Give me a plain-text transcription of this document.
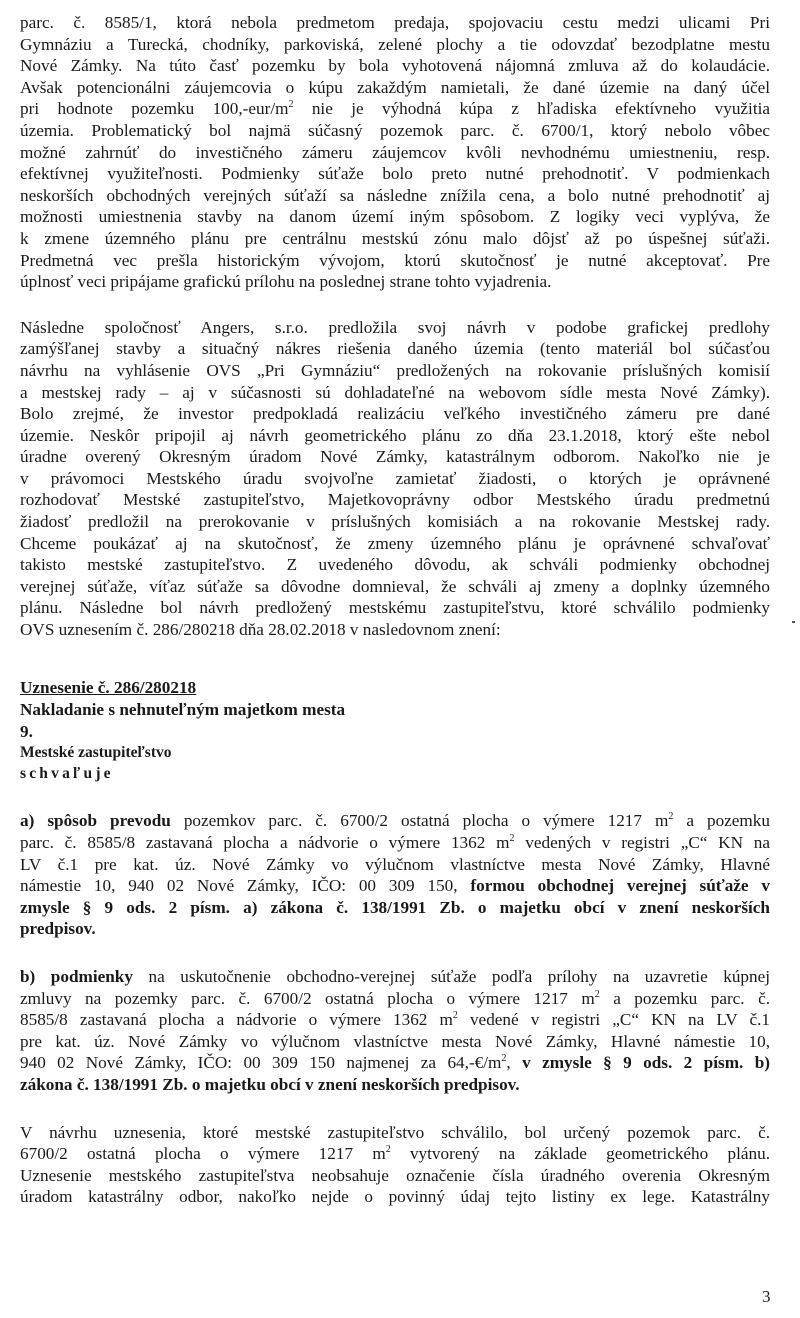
parc. č. 8585/1, ktorá nebola predmetom predaja, spojovaciu cestu medzi ulicami Pri
Gymnáziu a Turecká, chodníky, parkoviská, zelené plochy a tie odovzdať bezodplatne mestu
Nové Zámky. Na túto časť pozemku by bola vyhotovená nájomná zmluva až do kolaudácie.
Avšak potencionálni záujemcovia o kúpu zakaždým namietali, že dané územie na daný účel
pri hodnote pozemku $100,-eur/m^2$ nie je výhodná kúpa z hľadiska efektívneho využitia
územia. Problematický bol najmä súčasný pozemok parc. č. 6700/1, ktorý nebolo vôbec
možné zahrnúť do investičného zámeru záujemcov kvôli nevhodnému umiestneniu, resp.
efektívnej využiteľnosti. Podmienky súťaže bolo preto nutné prehodnotiť. V podmienkach
neskorších obchodných verejných súťaží sa následne znížila cena, a bolo nutné prehodnotiť aj
možnosti umiestnenia stavby na danom území iným spôsobom. Z logiky veci vyplýva, že
k zmene územného plánu pre centrálnu mestskú zónu malo dôjsť až po úspešnej súťaži.
Predmetná vec prešla historickým vývojom, ktorú skutočnosť je nutné akceptovať. Pre
úplnosť veci pripájame grafickú prílohu na poslednej strane tohto vyjadrenia.

Následne spoločnosť Angers, s.r.o. predložila svoj návrh v podobe grafickej predlohy
zamýšľanej stavby a situačný nákres riešenia daného územia (tento materiál bol súčasťou
návrhu na vyhlásenie OVS „Pri Gymnáziu“ predložených na rokovanie príslušných komisií
a mestskej rady – aj v súčasnosti sú dohladateľné na webovom sídle mesta Nové Zámky).
Bolo zrejmé, že investor predpokladá realizáciu veľkého investičného zámeru pre dané
územie. Neskôr pripojil aj návrh geometrického plánu zo dňa 23.1.2018, ktorý ešte nebol
úradne overený Okresným úradom Nové Zámky, katastrálnym odborom. Nakoľko nie je
v právomoci Mestského úradu svojvoľne zamietať žiadosti, o ktorých je oprávnené
rozhodovať Mestské zastupiteľstvo, Majetkovoprávny odbor Mestského úradu predmetnú
žiadosť predložil na prerokovanie v príslušných komisiách a na rokovanie Mestskej rady.
Chceme poukázať aj na skutočnosť, že zmeny územného plánu je oprávnené schvaľovať
takisto mestské zastupiteľstvo. Z uvedeného dôvodu, ak schváli podmienky obchodnej
verejnej súťaže, víťaz súťaže sa dôvodne domnieval, že schváli aj zmeny a doplnky územného
plánu. Následne bol návrh predložený mestskému zastupiteľstvu, ktoré schválilo podmienky
OVS uznesením č. 286/280218 dňa 28.02.2018 v nasledovnom znení:

Uznesenie č. 286/280218
Nakladanie s nehnuteľným majetkom mesta
9.
Mestské zastupiteľstvo
schvaľuje

a) spôsob prevodu pozemkov parc. č. 6700/2 ostatná plocha o výmere 1217 $m^2$ a pozemku
parc. č. 8585/8 zastavaná plocha a nádvorie o výmere 1362 $m^2$ vedených v registri „C“ KN na
LV č.1 pre kat. úz. Nové Zámky vo výlučnom vlastníctve mesta Nové Zámky, Hlavné
námestie 10, 940 02 Nové Zámky, IČO: 00 309 150, formou obchodnej verejnej súťaže v
zmysle § 9 ods. 2 písm. a) zákona č. 138/1991 Zb. o majetku obcí v znení neskorších
predpisov.

b) podmienky na uskutočnenie obchodno-verejnej súťaže podľa prílohy na uzavretie kúpnej
zmluvy na pozemky parc. č. 6700/2 ostatná plocha o výmere 1217 $m^2$ a pozemku parc. č.
8585/8 zastavaná plocha a nádvorie o výmere 1362 $m^2$ vedené v registri „C“ KN na LV č.1
pre kat. úz. Nové Zámky vo výlučnom vlastníctve mesta Nové Zámky, Hlavné námestie 10,
940 02 Nové Zámky, IČO: 00 309 150 najmenej za $64,-€/m^2$, v zmysle § 9 ods. 2 písm. b)
zákona č. 138/1991 Zb. o majetku obcí v znení neskorších predpisov.

V návrhu uznesenia, ktoré mestské zastupiteľstvo schválilo, bol určený pozemok parc. č.
6700/2 ostatná plocha o výmere 1217 $m^2$ vytvorený na základe geometrického plánu.
Uznesenie mestského zastupiteľstva neobsahuje označenie čísla úradného overenia Okresným
úradom katastrálny odbor, nakoľko nejde o povinný údaj tejto listiny ex lege. Katastrálny

3
